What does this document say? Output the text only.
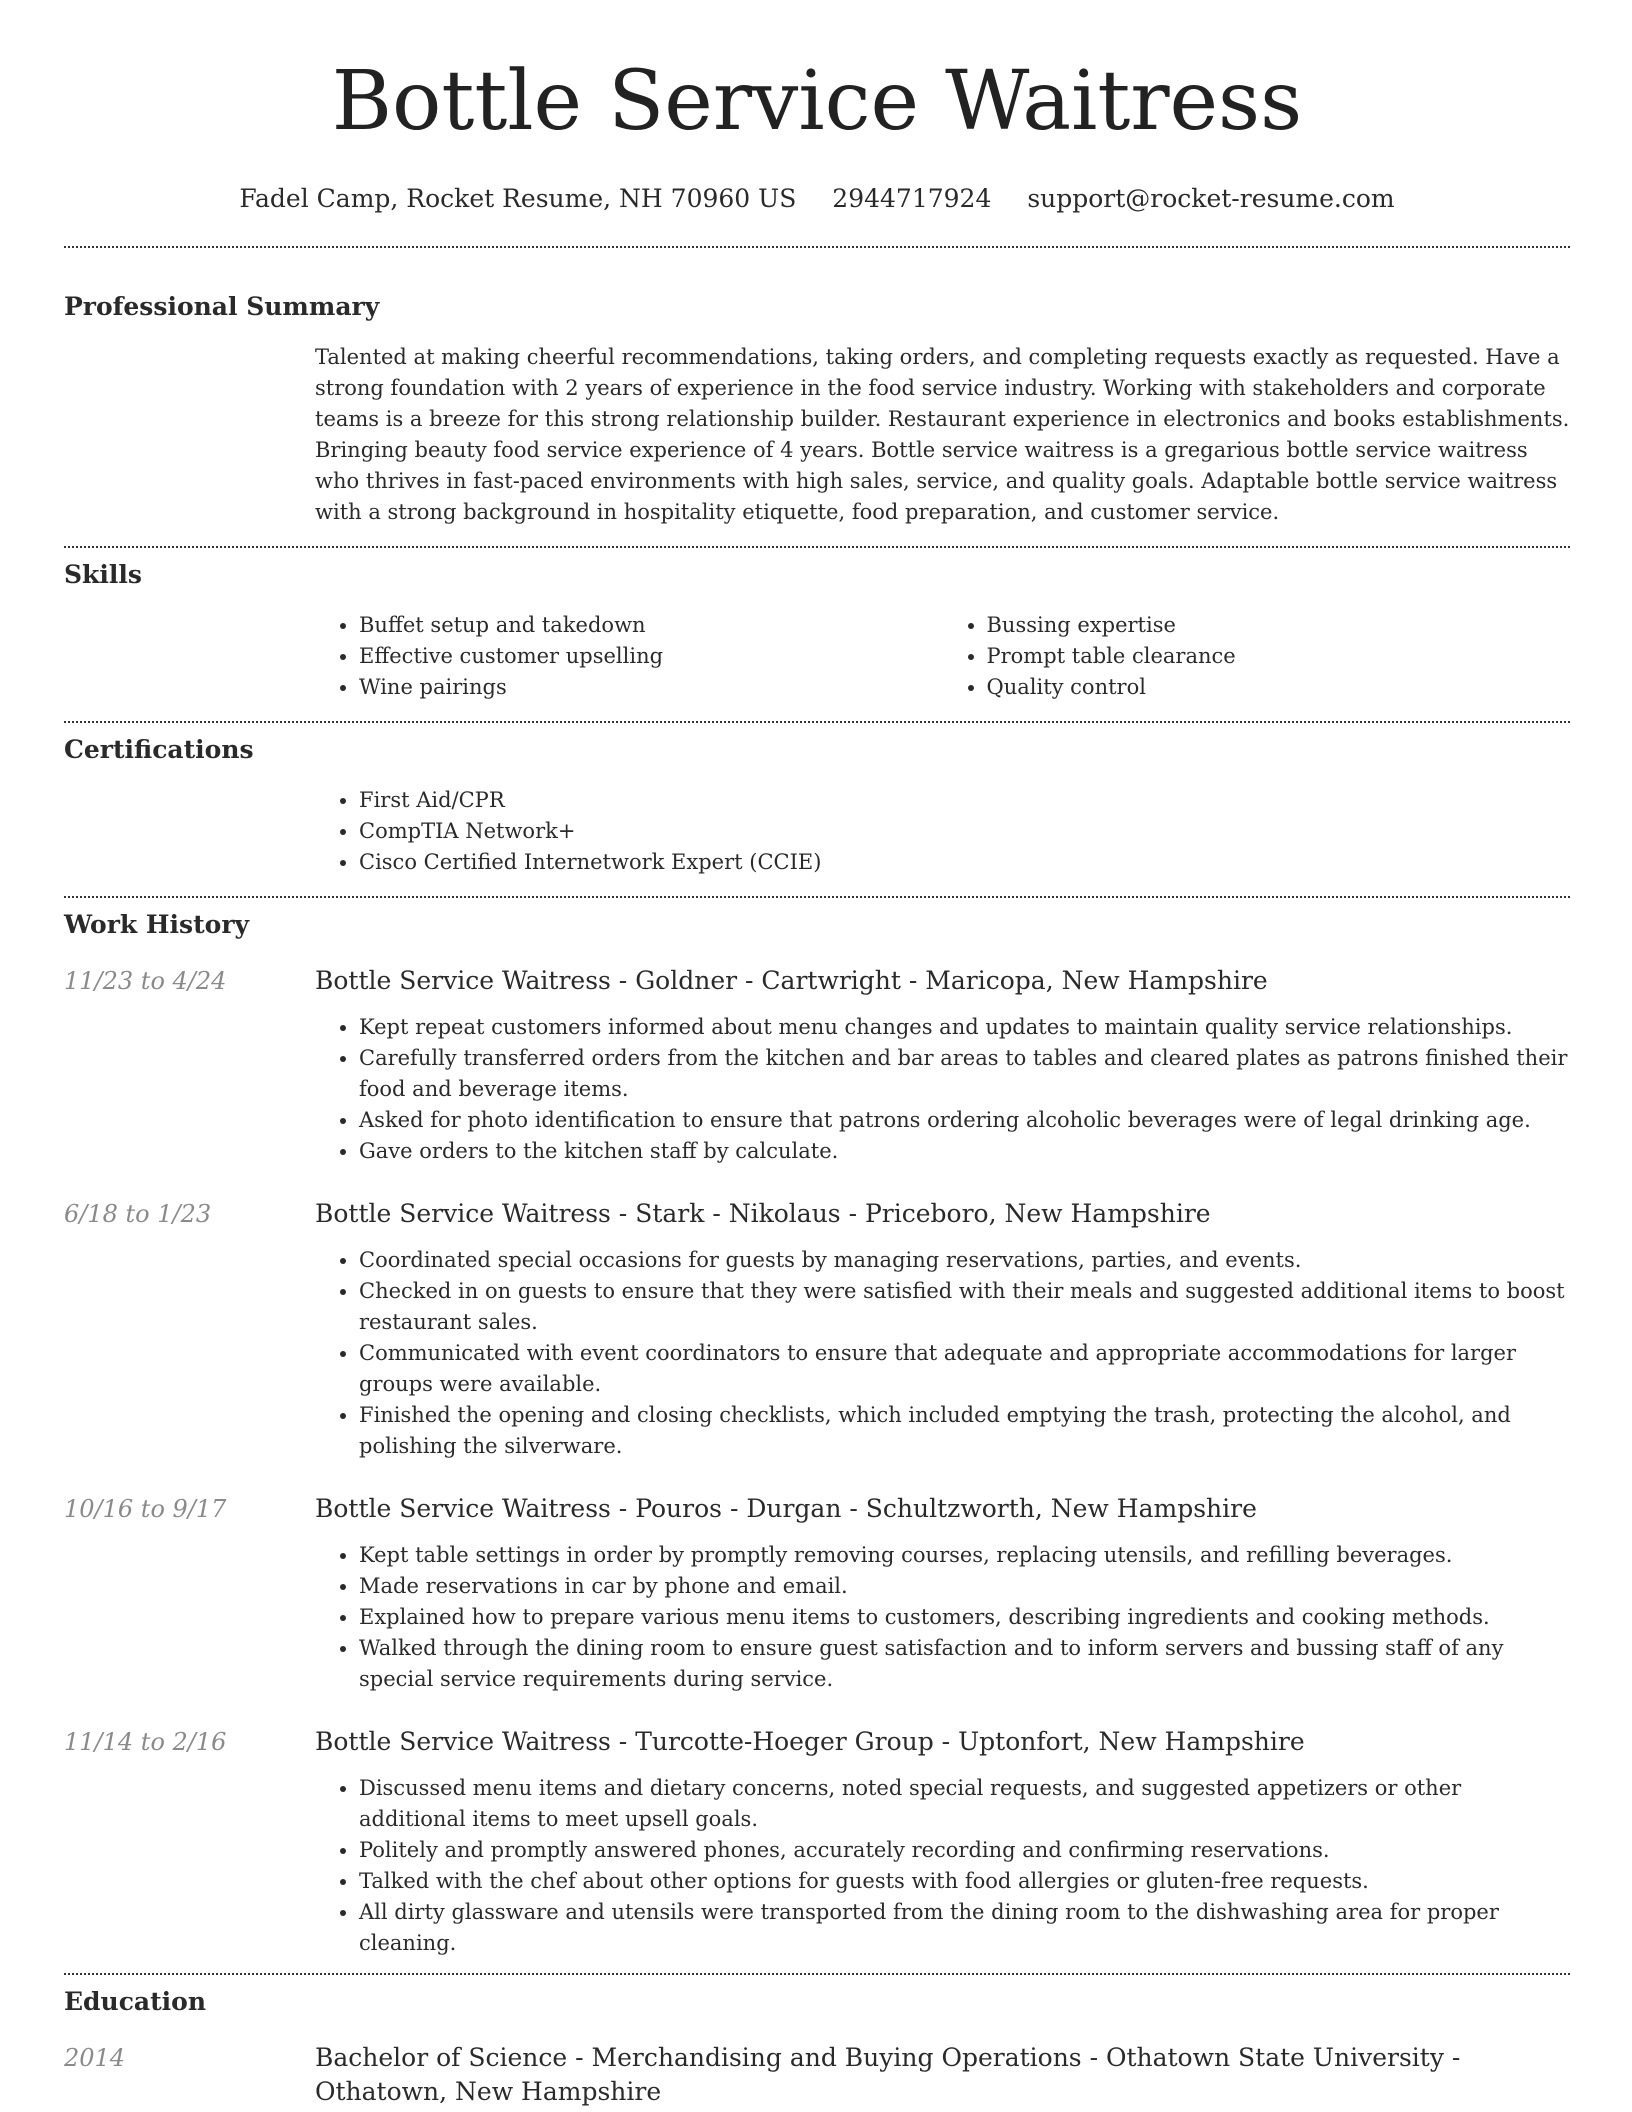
Bottle Service Waitress
Fadel Camp, Rocket Resume, NH 70960 US 2944717924 support@rocket-resume.com
Professional Summary

Talented at making cheerful recommendations, taking orders, and completing requests exactly as requested. Have a strong foundation with 2 years of experience in the food service industry. Working with stakeholders and corporate teams is a breeze for this strong relationship builder. Restaurant experience in electronics and books establishments. Bringing beauty food service experience of 4 years. Bottle service waitress is a gregarious bottle service waitress who thrives in fast-paced environments with high sales, service, and quality goals. Adaptable bottle service waitress with a strong background in hospitality etiquette, food preparation, and customer service.

Skills
• Buffet setup and takedown
• Effective customer upselling
• Wine pairings
• Bussing expertise
• Prompt table clearance
• Quality control
Certifications
• First Aid/CPR
• CompTIA Network+
• Cisco Certified Internetwork Expert (CCIE)
Work History
11/23 to 4/24	Bottle Service Waitress - Goldner - Cartwright - Maricopa, New Hampshire
• Kept repeat customers informed about menu changes and updates to maintain quality service relationships.
• Carefully transferred orders from the kitchen and bar areas to tables and cleared plates as patrons finished their food and beverage items.
• Asked for photo identification to ensure that patrons ordering alcoholic beverages were of legal drinking age.
• Gave orders to the kitchen staff by calculate.
6/18 to 1/23	Bottle Service Waitress - Stark - Nikolaus - Priceboro, New Hampshire
• Coordinated special occasions for guests by managing reservations, parties, and events.
• Checked in on guests to ensure that they were satisfied with their meals and suggested additional items to boost restaurant sales.
• Communicated with event coordinators to ensure that adequate and appropriate accommodations for larger groups were available.
• Finished the opening and closing checklists, which included emptying the trash, protecting the alcohol, and polishing the silverware.
10/16 to 9/17	Bottle Service Waitress - Pouros - Durgan - Schultzworth, New Hampshire
• Kept table settings in order by promptly removing courses, replacing utensils, and refilling beverages.
• Made reservations in car by phone and email.
• Explained how to prepare various menu items to customers, describing ingredients and cooking methods.
• Walked through the dining room to ensure guest satisfaction and to inform servers and bussing staff of any special service requirements during service.
11/14 to 2/16	Bottle Service Waitress - Turcotte-Hoeger Group - Uptonfort, New Hampshire
• Discussed menu items and dietary concerns, noted special requests, and suggested appetizers or other additional items to meet upsell goals.
• Politely and promptly answered phones, accurately recording and confirming reservations.
• Talked with the chef about other options for guests with food allergies or gluten-free requests.
• All dirty glassware and utensils were transported from the dining room to the dishwashing area for proper cleaning.
Education
2014	Bachelor of Science - Merchandising and Buying Operations - Othatown State University - Othatown, New Hampshire
